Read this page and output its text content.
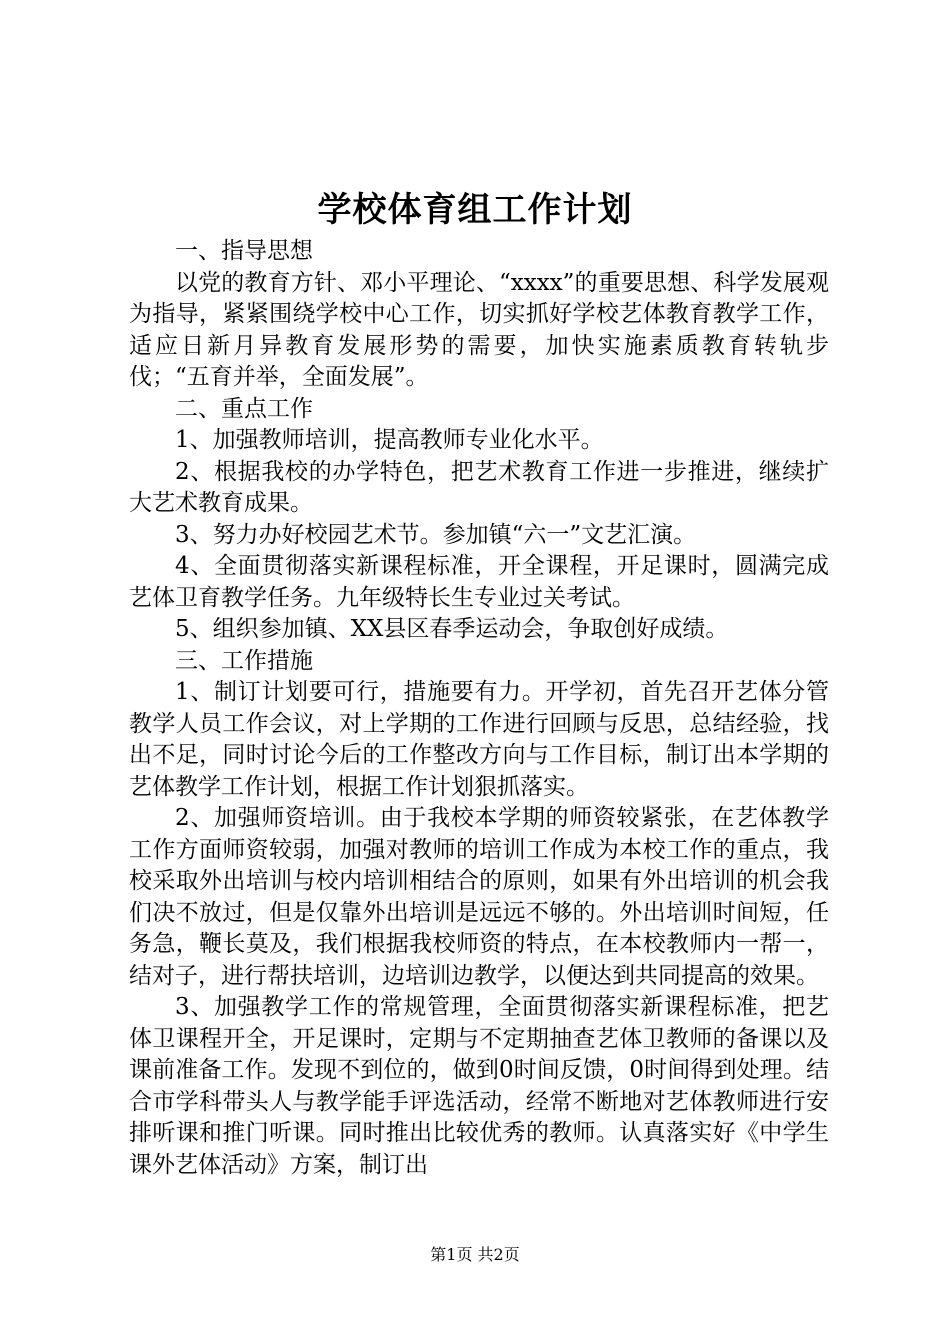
学校体育组工作计划

一、指导思想

以党的教育方针、邓小平理论、“xxxx”的重要思想、科学发展观为指导，紧紧围绕学校中心工作，切实抓好学校艺体教育教学工作，适应日新月异教育发展形势的需要，加快实施素质教育转轨步伐；“五育并举，全面发展”。

二、重点工作

1、加强教师培训，提高教师专业化水平。

2、根据我校的办学特色，把艺术教育工作进一步推进，继续扩大艺术教育成果。

3、努力办好校园艺术节。参加镇“六一”文艺汇演。

4、全面贯彻落实新课程标准，开全课程，开足课时，圆满完成艺体卫育教学任务。九年级特长生专业过关考试。

5、组织参加镇、XX县区春季运动会，争取创好成绩。

三、工作措施

1、制订计划要可行，措施要有力。开学初，首先召开艺体分管教学人员工作会议，对上学期的工作进行回顾与反思，总结经验，找出不足，同时讨论今后的工作整改方向与工作目标，制订出本学期的艺体教学工作计划，根据工作计划狠抓落实。

2、加强师资培训。由于我校本学期的师资较紧张，在艺体教学工作方面师资较弱，加强对教师的培训工作成为本校工作的重点，我校采取外出培训与校内培训相结合的原则，如果有外出培训的机会我们决不放过，但是仅靠外出培训是远远不够的。外出培训时间短，任务急，鞭长莫及，我们根据我校师资的特点，在本校教师内一帮一，结对子，进行帮扶培训，边培训边教学，以便达到共同提高的效果。

3、加强教学工作的常规管理，全面贯彻落实新课程标准，把艺体卫课程开全，开足课时，定期与不定期抽查艺体卫教师的备课以及课前准备工作。发现不到位的，做到0时间反馈，0时间得到处理。结合市学科带头人与教学能手评选活动，经常不断地对艺体教师进行安排听课和推门听课。同时推出比较优秀的教师。认真落实好《中学生课外艺体活动》方案，制订出

第1页 共2页
